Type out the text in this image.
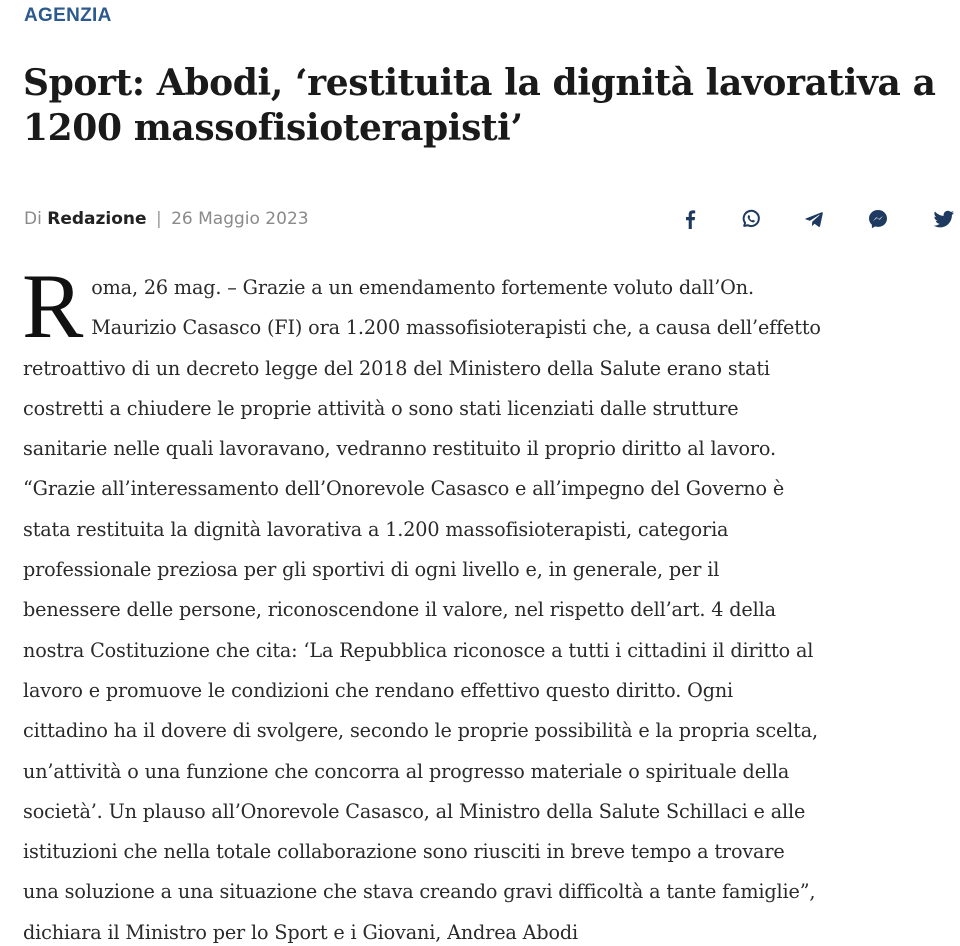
AGENZIA
Sport: Abodi, ‘restituita la dignità lavorativa a 1200 massofisioterapisti’
Di Redazione | 26 Maggio 2023
R oma, 26 mag. – Grazie a un emendamento fortemente voluto dall’On.
Maurizio Casasco (FI) ora 1.200 massofisioterapisti che, a causa dell’effetto
retroattivo di un decreto legge del 2018 del Ministero della Salute erano stati
costretti a chiudere le proprie attività o sono stati licenziati dalle strutture
sanitarie nelle quali lavoravano, vedranno restituito il proprio diritto al lavoro.
“Grazie all’interessamento dell’Onorevole Casasco e all’impegno del Governo è
stata restituita la dignità lavorativa a 1.200 massofisioterapisti, categoria
professionale preziosa per gli sportivi di ogni livello e, in generale, per il
benessere delle persone, riconoscendone il valore, nel rispetto dell’art. 4 della
nostra Costituzione che cita: ‘La Repubblica riconosce a tutti i cittadini il diritto al
lavoro e promuove le condizioni che rendano effettivo questo diritto. Ogni
cittadino ha il dovere di svolgere, secondo le proprie possibilità e la propria scelta,
un’attività o una funzione che concorra al progresso materiale o spirituale della
società’. Un plauso all’Onorevole Casasco, al Ministro della Salute Schillaci e alle
istituzioni che nella totale collaborazione sono riusciti in breve tempo a trovare
una soluzione a una situazione che stava creando gravi difficoltà a tante famiglie”,
dichiara il Ministro per lo Sport e i Giovani, Andrea Abodi
